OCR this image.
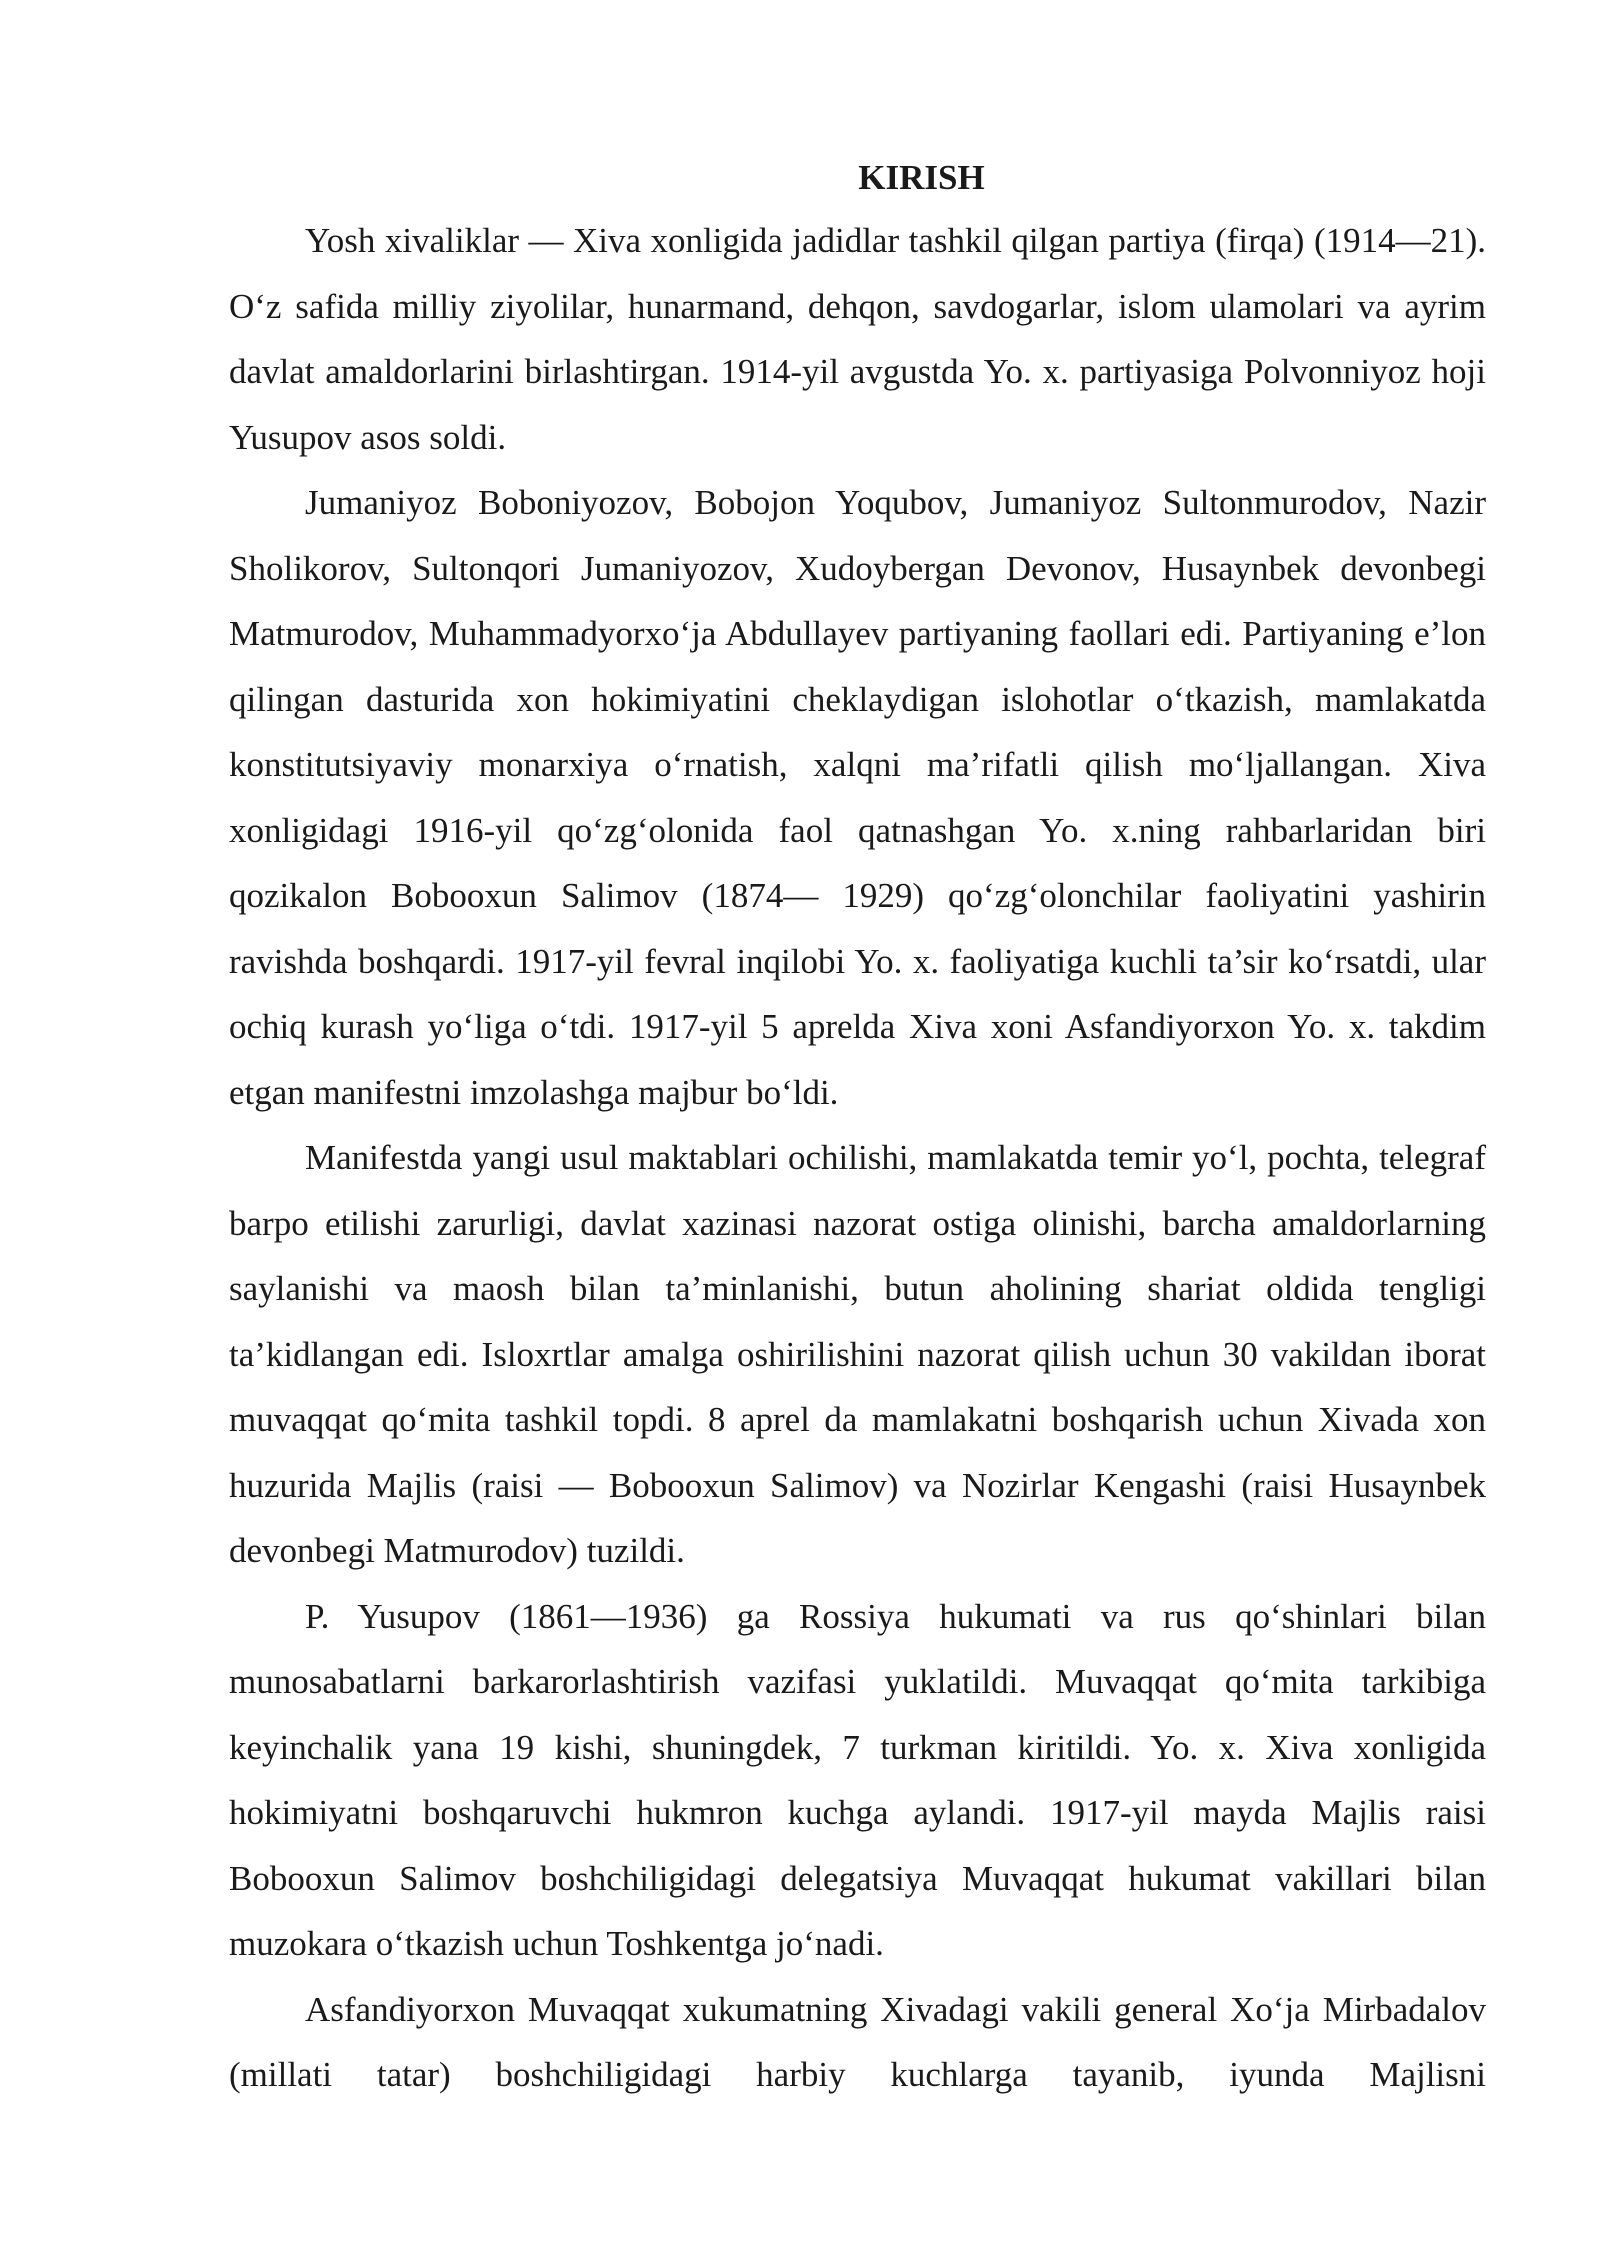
KIRISH

Yosh xivaliklar — Xiva xonligida jadidlar tashkil qilgan partiya (firqa) (1914—21). O‘z safida milliy ziyolilar, hunarmand, dehqon, savdogarlar, islom ulamolari va ayrim davlat amaldorlarini birlashtirgan. 1914-yil avgustda Yo. x. partiyasiga Polvonniyoz hoji Yusupov asos soldi.

Jumaniyoz Boboniyozov, Bobojon Yoqubov, Jumaniyoz Sultonmurodov, Nazir Sholikorov, Sultonqori Jumaniyozov, Xudoybergan Devonov, Husaynbek devonbegi Matmurodov, Muhammadyorxo‘ja Abdullayev partiyaning faollari edi. Partiyaning e’lon qilingan dasturida xon hokimiyatini cheklaydigan islohotlar o‘tkazish, mamlakatda konstitutsiyaviy monarxiya o‘rnatish, xalqni ma’rifatli qilish mo‘ljallangan. Xiva xonligidagi 1916-yil qo‘zg‘olonida faol qatnashgan Yo. x.ning rahbarlaridan biri qozikalon Bobooxun Salimov (1874— 1929) qo‘zg‘olonchilar faoliyatini yashirin ravishda boshqardi. 1917-yil fevral inqilobi Yo. x. faoliyatiga kuchli ta’sir ko‘rsatdi, ular ochiq kurash yo‘liga o‘tdi. 1917-yil 5 aprelda Xiva xoni Asfandiyorxon Yo. x. takdim etgan manifestni imzolashga majbur bo‘ldi.

Manifestda yangi usul maktablari ochilishi, mamlakatda temir yo‘l, pochta, telegraf barpo etilishi zarurligi, davlat xazinasi nazorat ostiga olinishi, barcha amaldorlarning saylanishi va maosh bilan ta’minlanishi, butun aholining shariat oldida tengligi ta’kidlangan edi. Isloxrtlar amalga oshirilishini nazorat qilish uchun 30 vakildan iborat muvaqqat qo‘mita tashkil topdi. 8 aprel da mamlakatni boshqarish uchun Xivada xon huzurida Majlis (raisi — Bobooxun Salimov) va Nozirlar Kengashi (raisi Husaynbek devonbegi Matmurodov) tuzildi.

P. Yusupov (1861—1936) ga Rossiya hukumati va rus qo‘shinlari bilan munosabatlarni barkarorlashtirish vazifasi yuklatildi. Muvaqqat qo‘mita tarkibiga keyinchalik yana 19 kishi, shuningdek, 7 turkman kiritildi. Yo. x. Xiva xonligida hokimiyatni boshqaruvchi hukmron kuchga aylandi. 1917-yil mayda Majlis raisi Bobooxun Salimov boshchiligidagi delegatsiya Muvaqqat hukumat vakillari bilan muzokara o‘tkazish uchun Toshkentga jo‘nadi.

Asfandiyorxon Muvaqqat xukumatning Xivadagi vakili general Xo‘ja Mirbadalov (millati tatar) boshchiligidagi harbiy kuchlarga tayanib, iyunda Majlisni
